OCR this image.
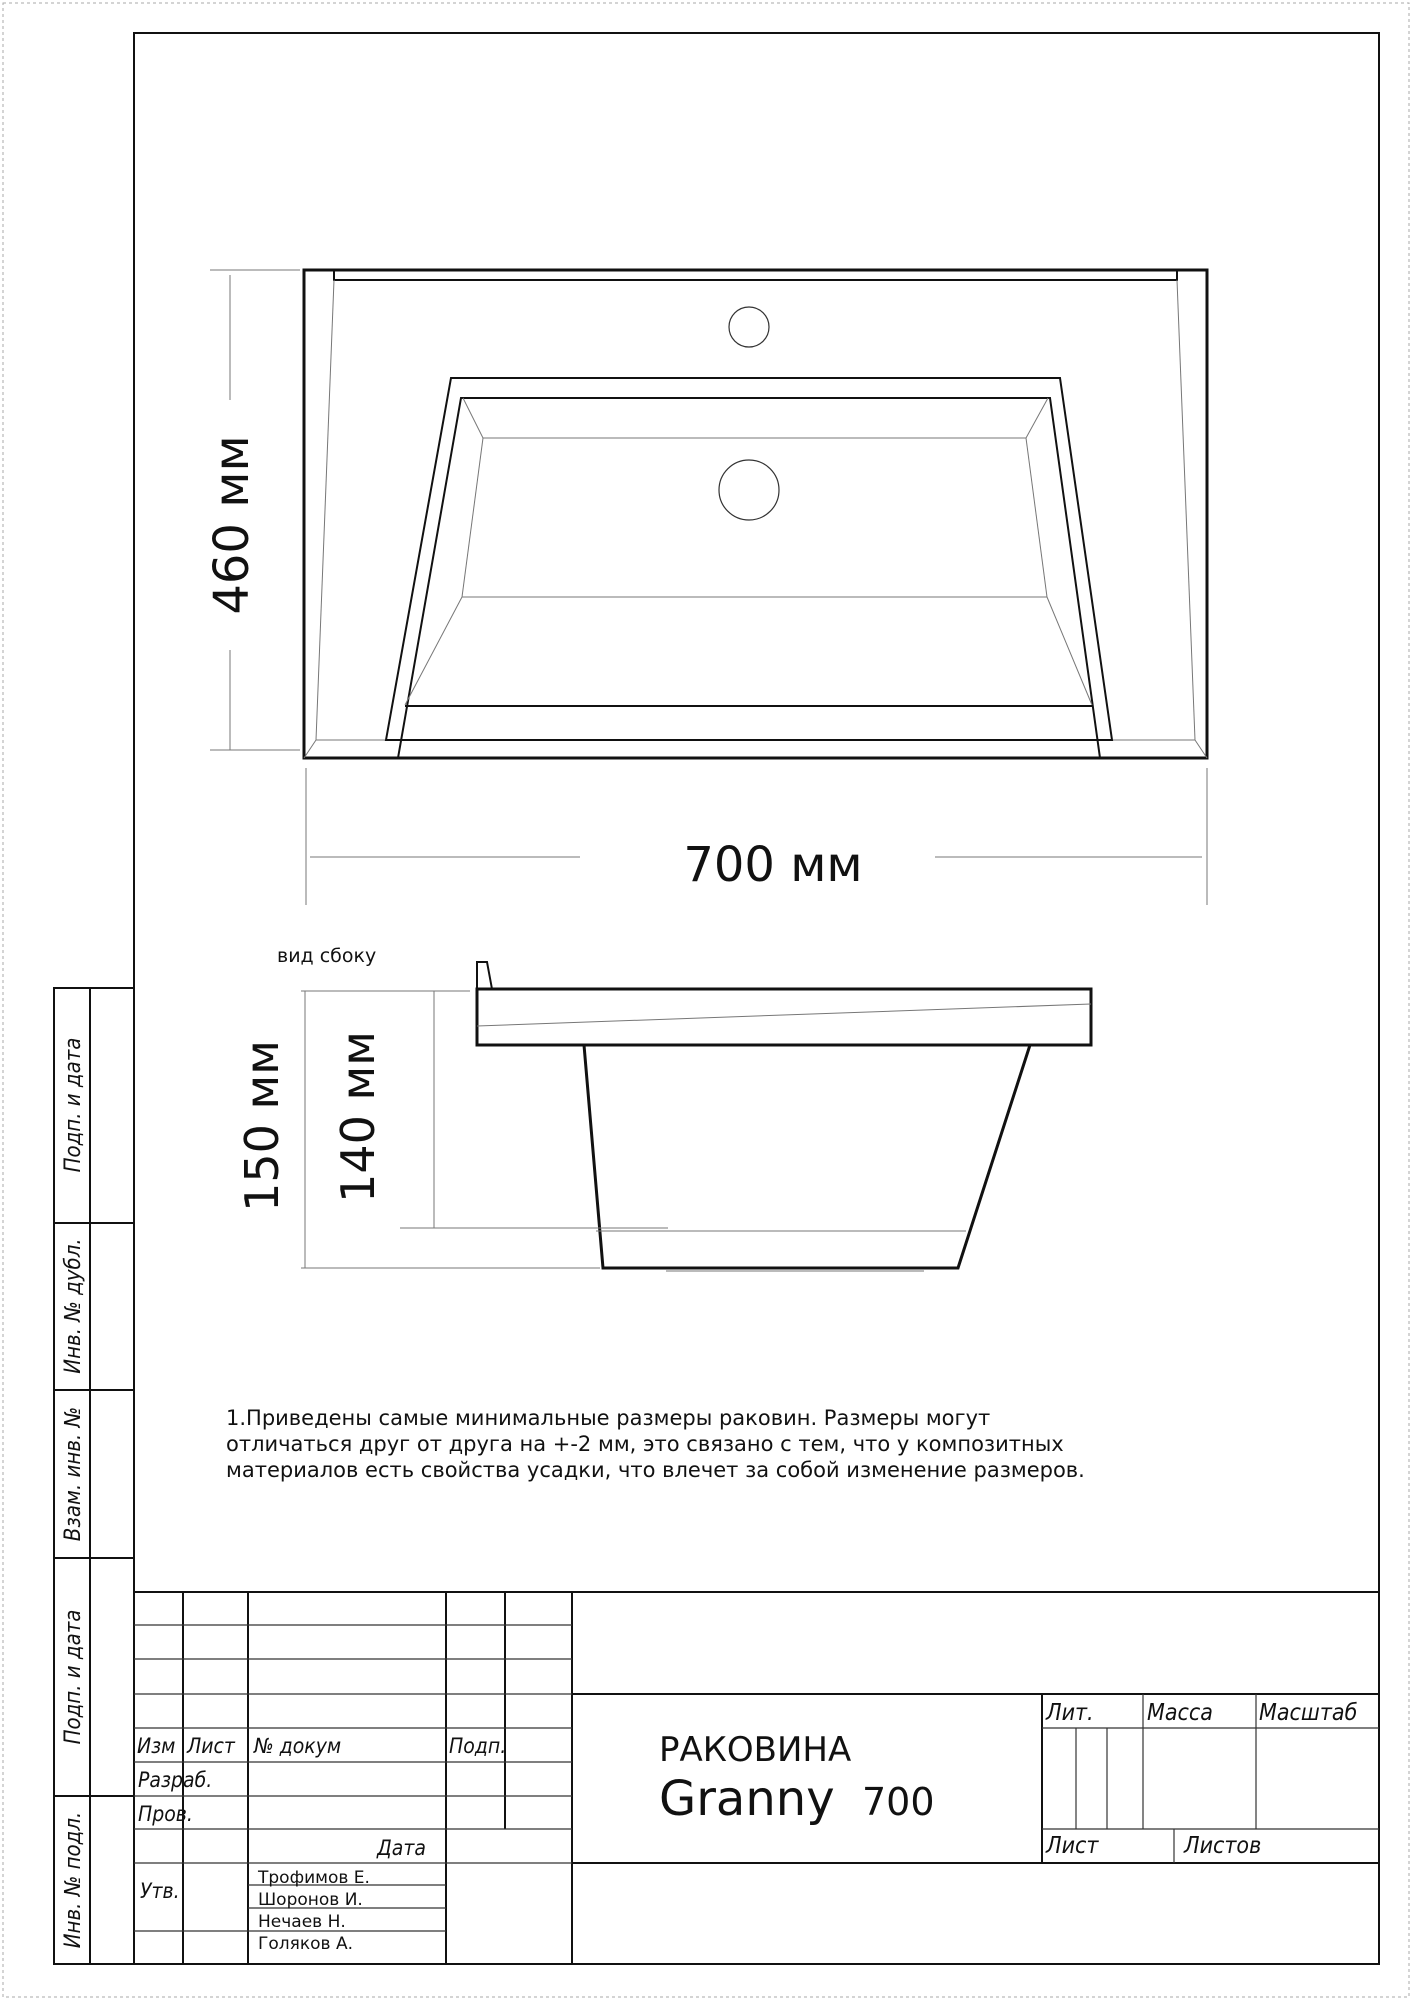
460 мм
700 мм
вид сбоку
150 мм 140 мм
1.Приведены самые минимальные размеры раковин. Размеры могут
отличаться друг от друга на +-2 мм, это связано с тем, что у композитных
материалов есть свойства усадки, что влечет за собой изменение размеров.
Подп. и дата
Инв. № дубл.
Взам. инв. №
Подп. и дата
Инв. № подл.
Изм Лист № докум	Подп.
Разраб.
Пров.
Дата
Утв.
Трофимов Е.
Шоронов И.
Нечаев Н.
Голяков А.
РАКОВИНА
Granny 700
Лит. Масса Масштаб
Лист	Листов
